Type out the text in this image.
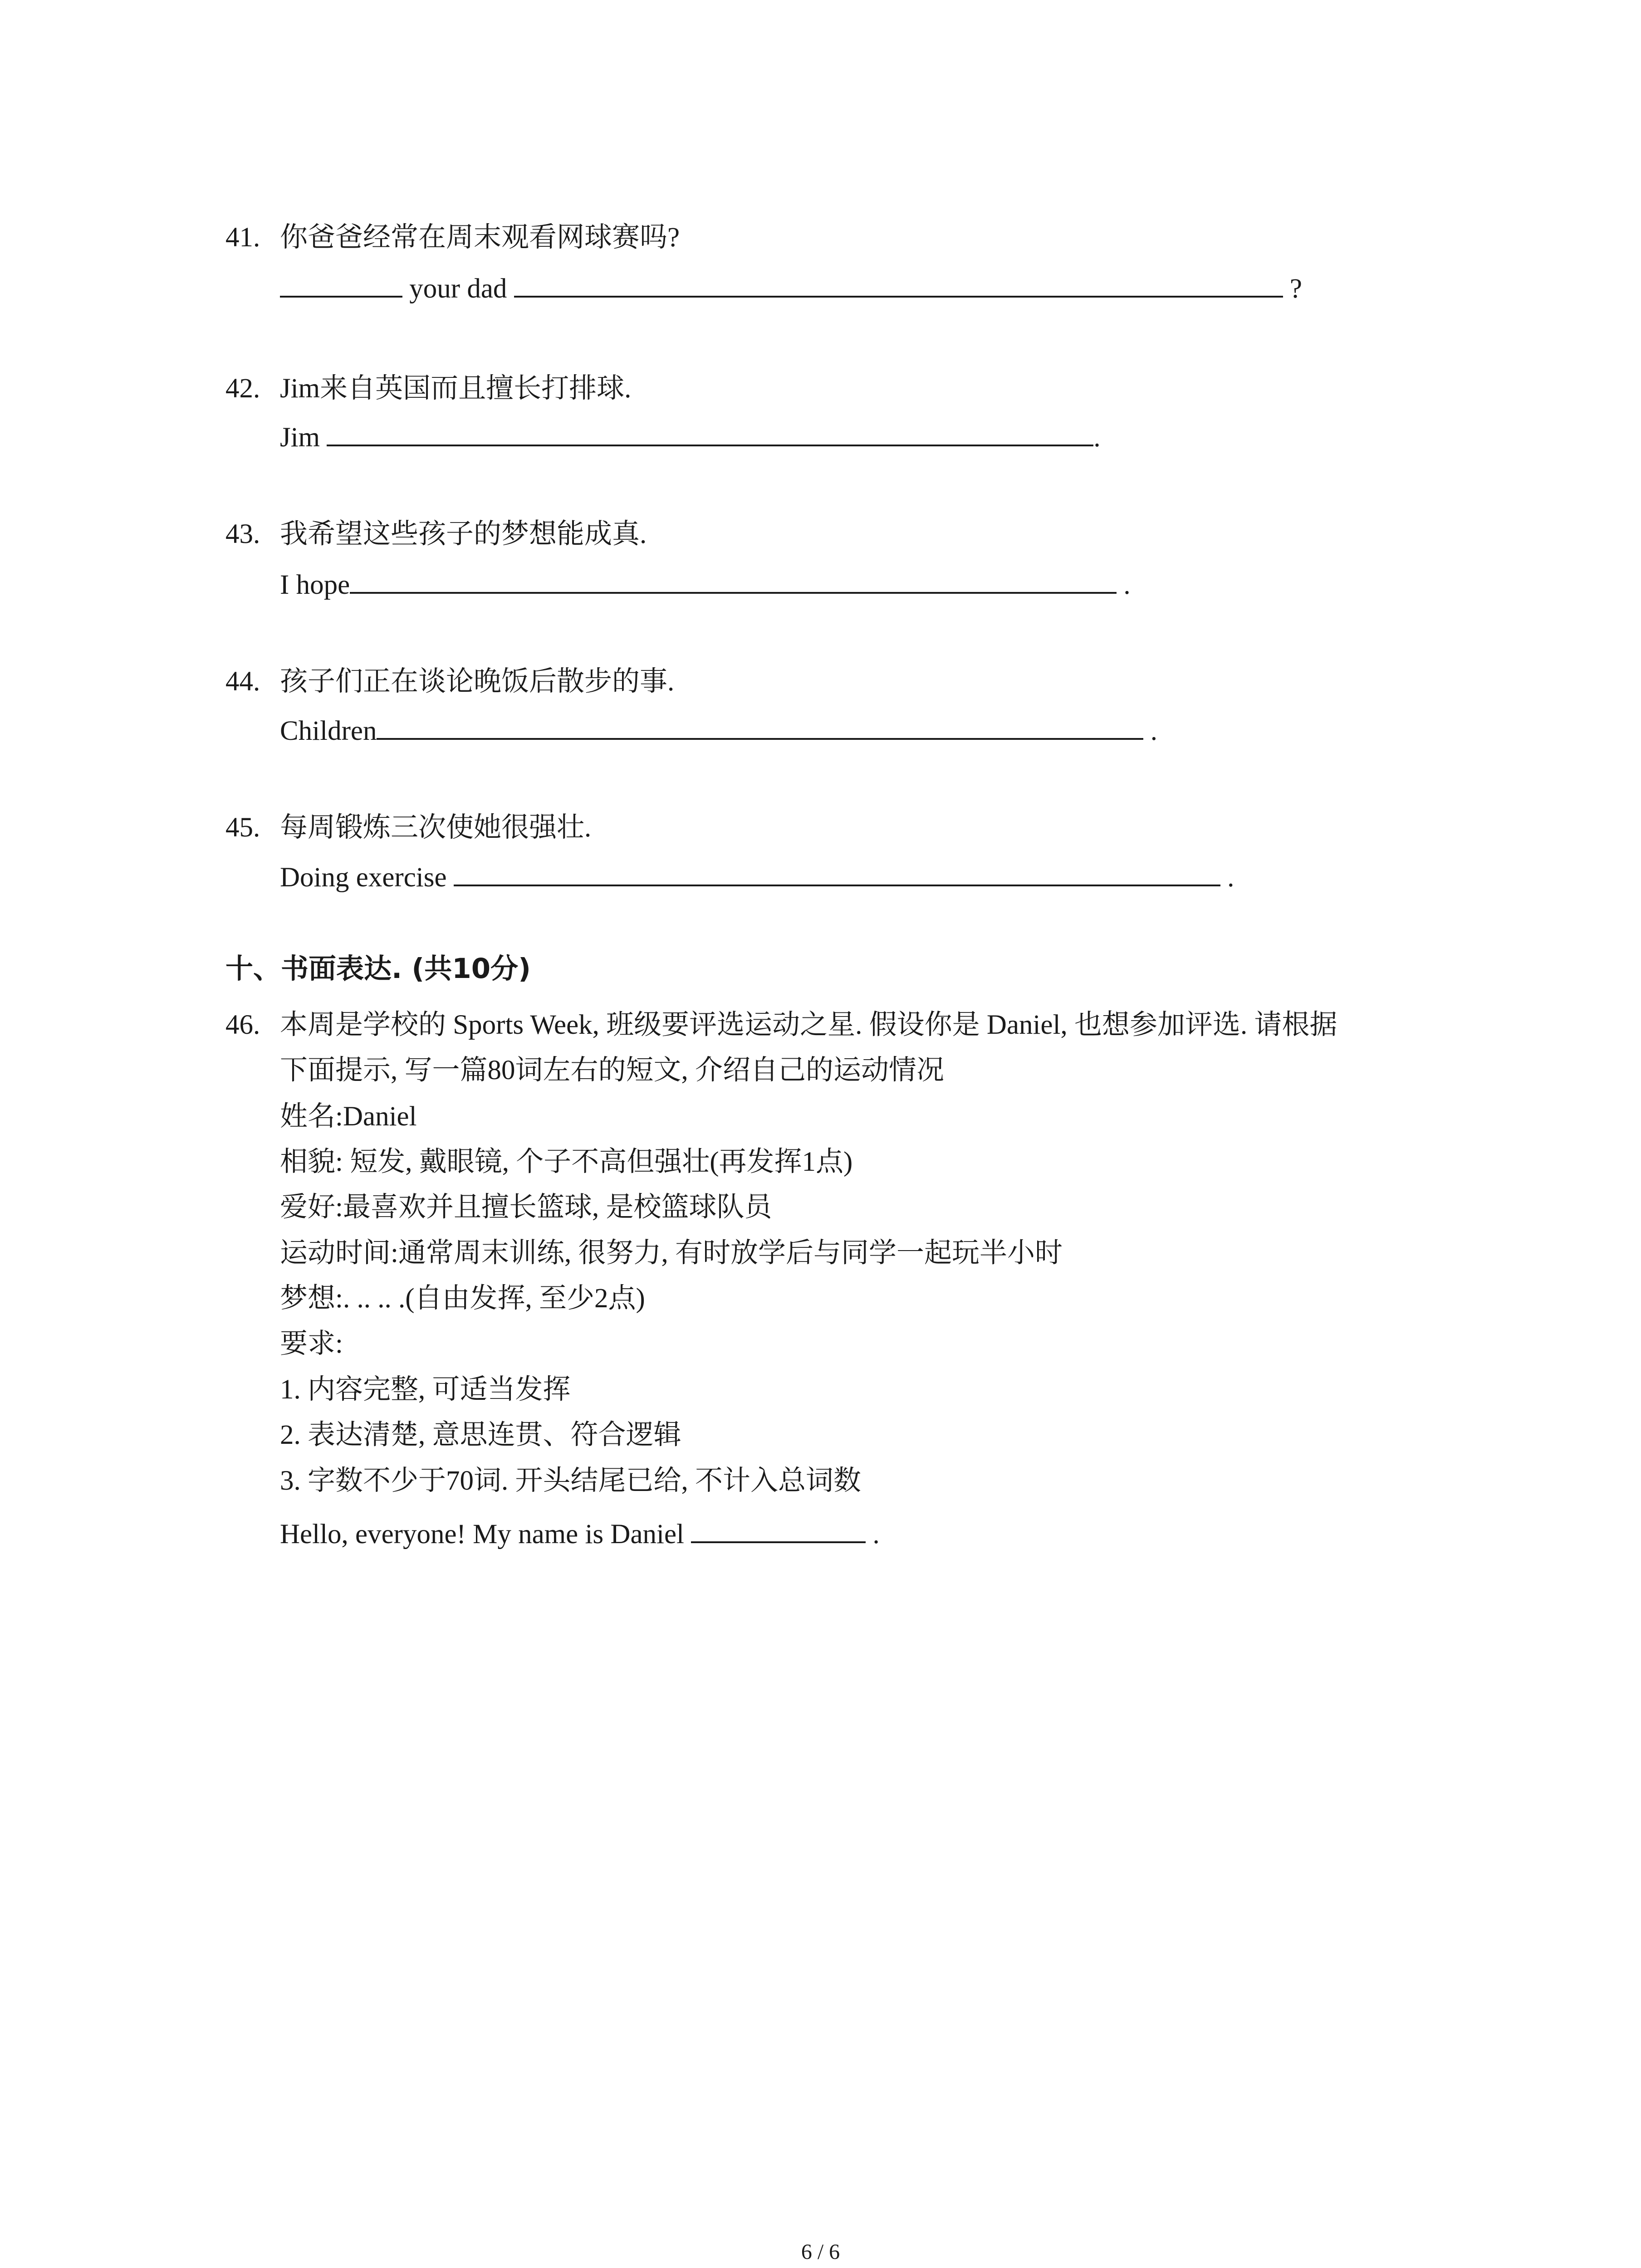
41. 你爸爸经常在周末观看网球赛吗?
your dad	?
42. Jim来自英国而且擅长打排球.
Jim	.
43. 我希望这些孩子的梦想能成真.
I hope	.
44. 孩子们正在谈论晚饭后散步的事.
Children	.
45. 每周锻炼三次使她很强壮.
Doing exercise	.
十、书面表达. (共10分)
46. 本周是学校的 Sports Week, 班级要评选运动之星. 假设你是 Daniel, 也想参加评选. 请根据
下面提示, 写一篇80词左右的短文, 介绍自己的运动情况
姓名:Daniel
相貌: 短发, 戴眼镜, 个子不高但强壮(再发挥1点)
爱好:最喜欢并且擅长篮球, 是校篮球队员
运动时间:通常周末训练, 很努力, 有时放学后与同学一起玩半小时
梦想:. .. .. .(自由发挥, 至少2点)
要求:
1. 内容完整, 可适当发挥
2. 表达清楚, 意思连贯、符合逻辑
3. 字数不少于70词. 开头结尾已给, 不计入总词数
Hello, everyone! My name is Daniel	.
6 / 6
